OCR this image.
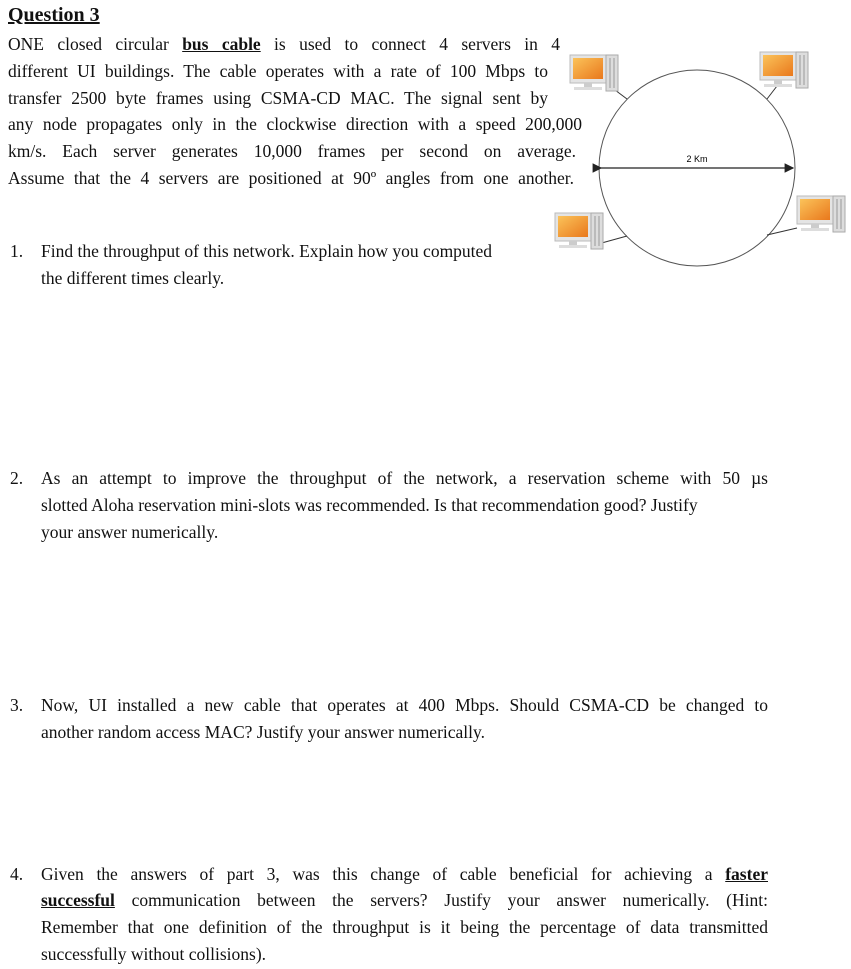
Question 3
ONE closed circular bus cable is used to connect 4 servers in 4
different UI buildings. The cable operates with a rate of 100 Mbps to
transfer 2500 byte frames using CSMA-CD MAC. The signal sent by
any node propagates only in the clockwise direction with a speed 200,000
km/s. Each server generates 10,000 frames per second on average.
Assume that the 4 servers are positioned at 90º angles from one another.
2 Km
1. Find the throughput of this network. Explain how you computed
the different times clearly.
2. As an attempt to improve the throughput of the network, a reservation scheme with 50 µs
slotted Aloha reservation mini-slots was recommended. Is that recommendation good? Justify
your answer numerically.
3. Now, UI installed a new cable that operates at 400 Mbps. Should CSMA-CD be changed to
another random access MAC? Justify your answer numerically.
4. Given the answers of part 3, was this change of cable beneficial for achieving a faster
successful communication between the servers? Justify your answer numerically. (Hint:
Remember that one definition of the throughput is it being the percentage of data transmitted
successfully without collisions).
